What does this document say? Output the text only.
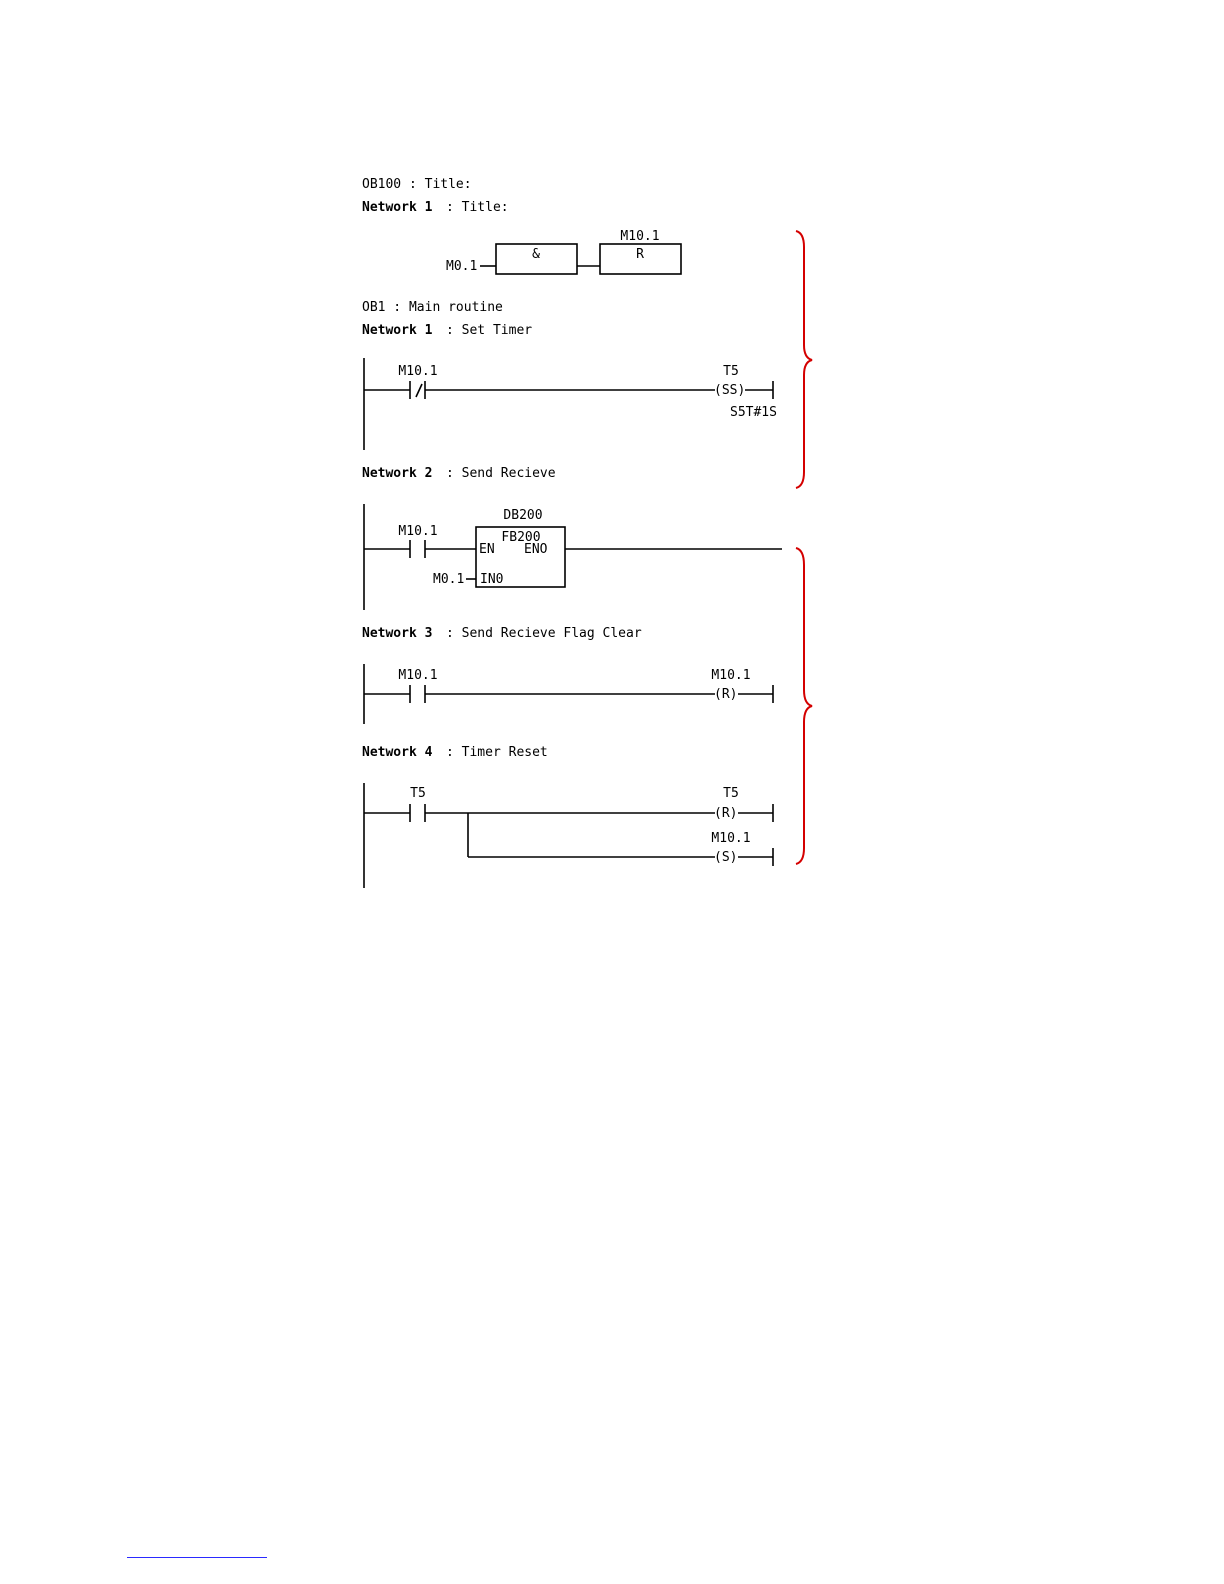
OB100 : Title:
Network 1 : Title:
M0.1
&	R
M10.1
OB1 : Main routine
Network 1 : Set Timer
M10.1	T5
(SS)
S5T#1S
Network 2 : Send Recieve
M10.1
DB200
FB200
EN ENO
M0.1 IN0
Network 3 : Send Recieve Flag Clear
M10.1	M10.1
(R)
Network 4 : Timer Reset
T5	T5
(R)
M10.1
(S)
